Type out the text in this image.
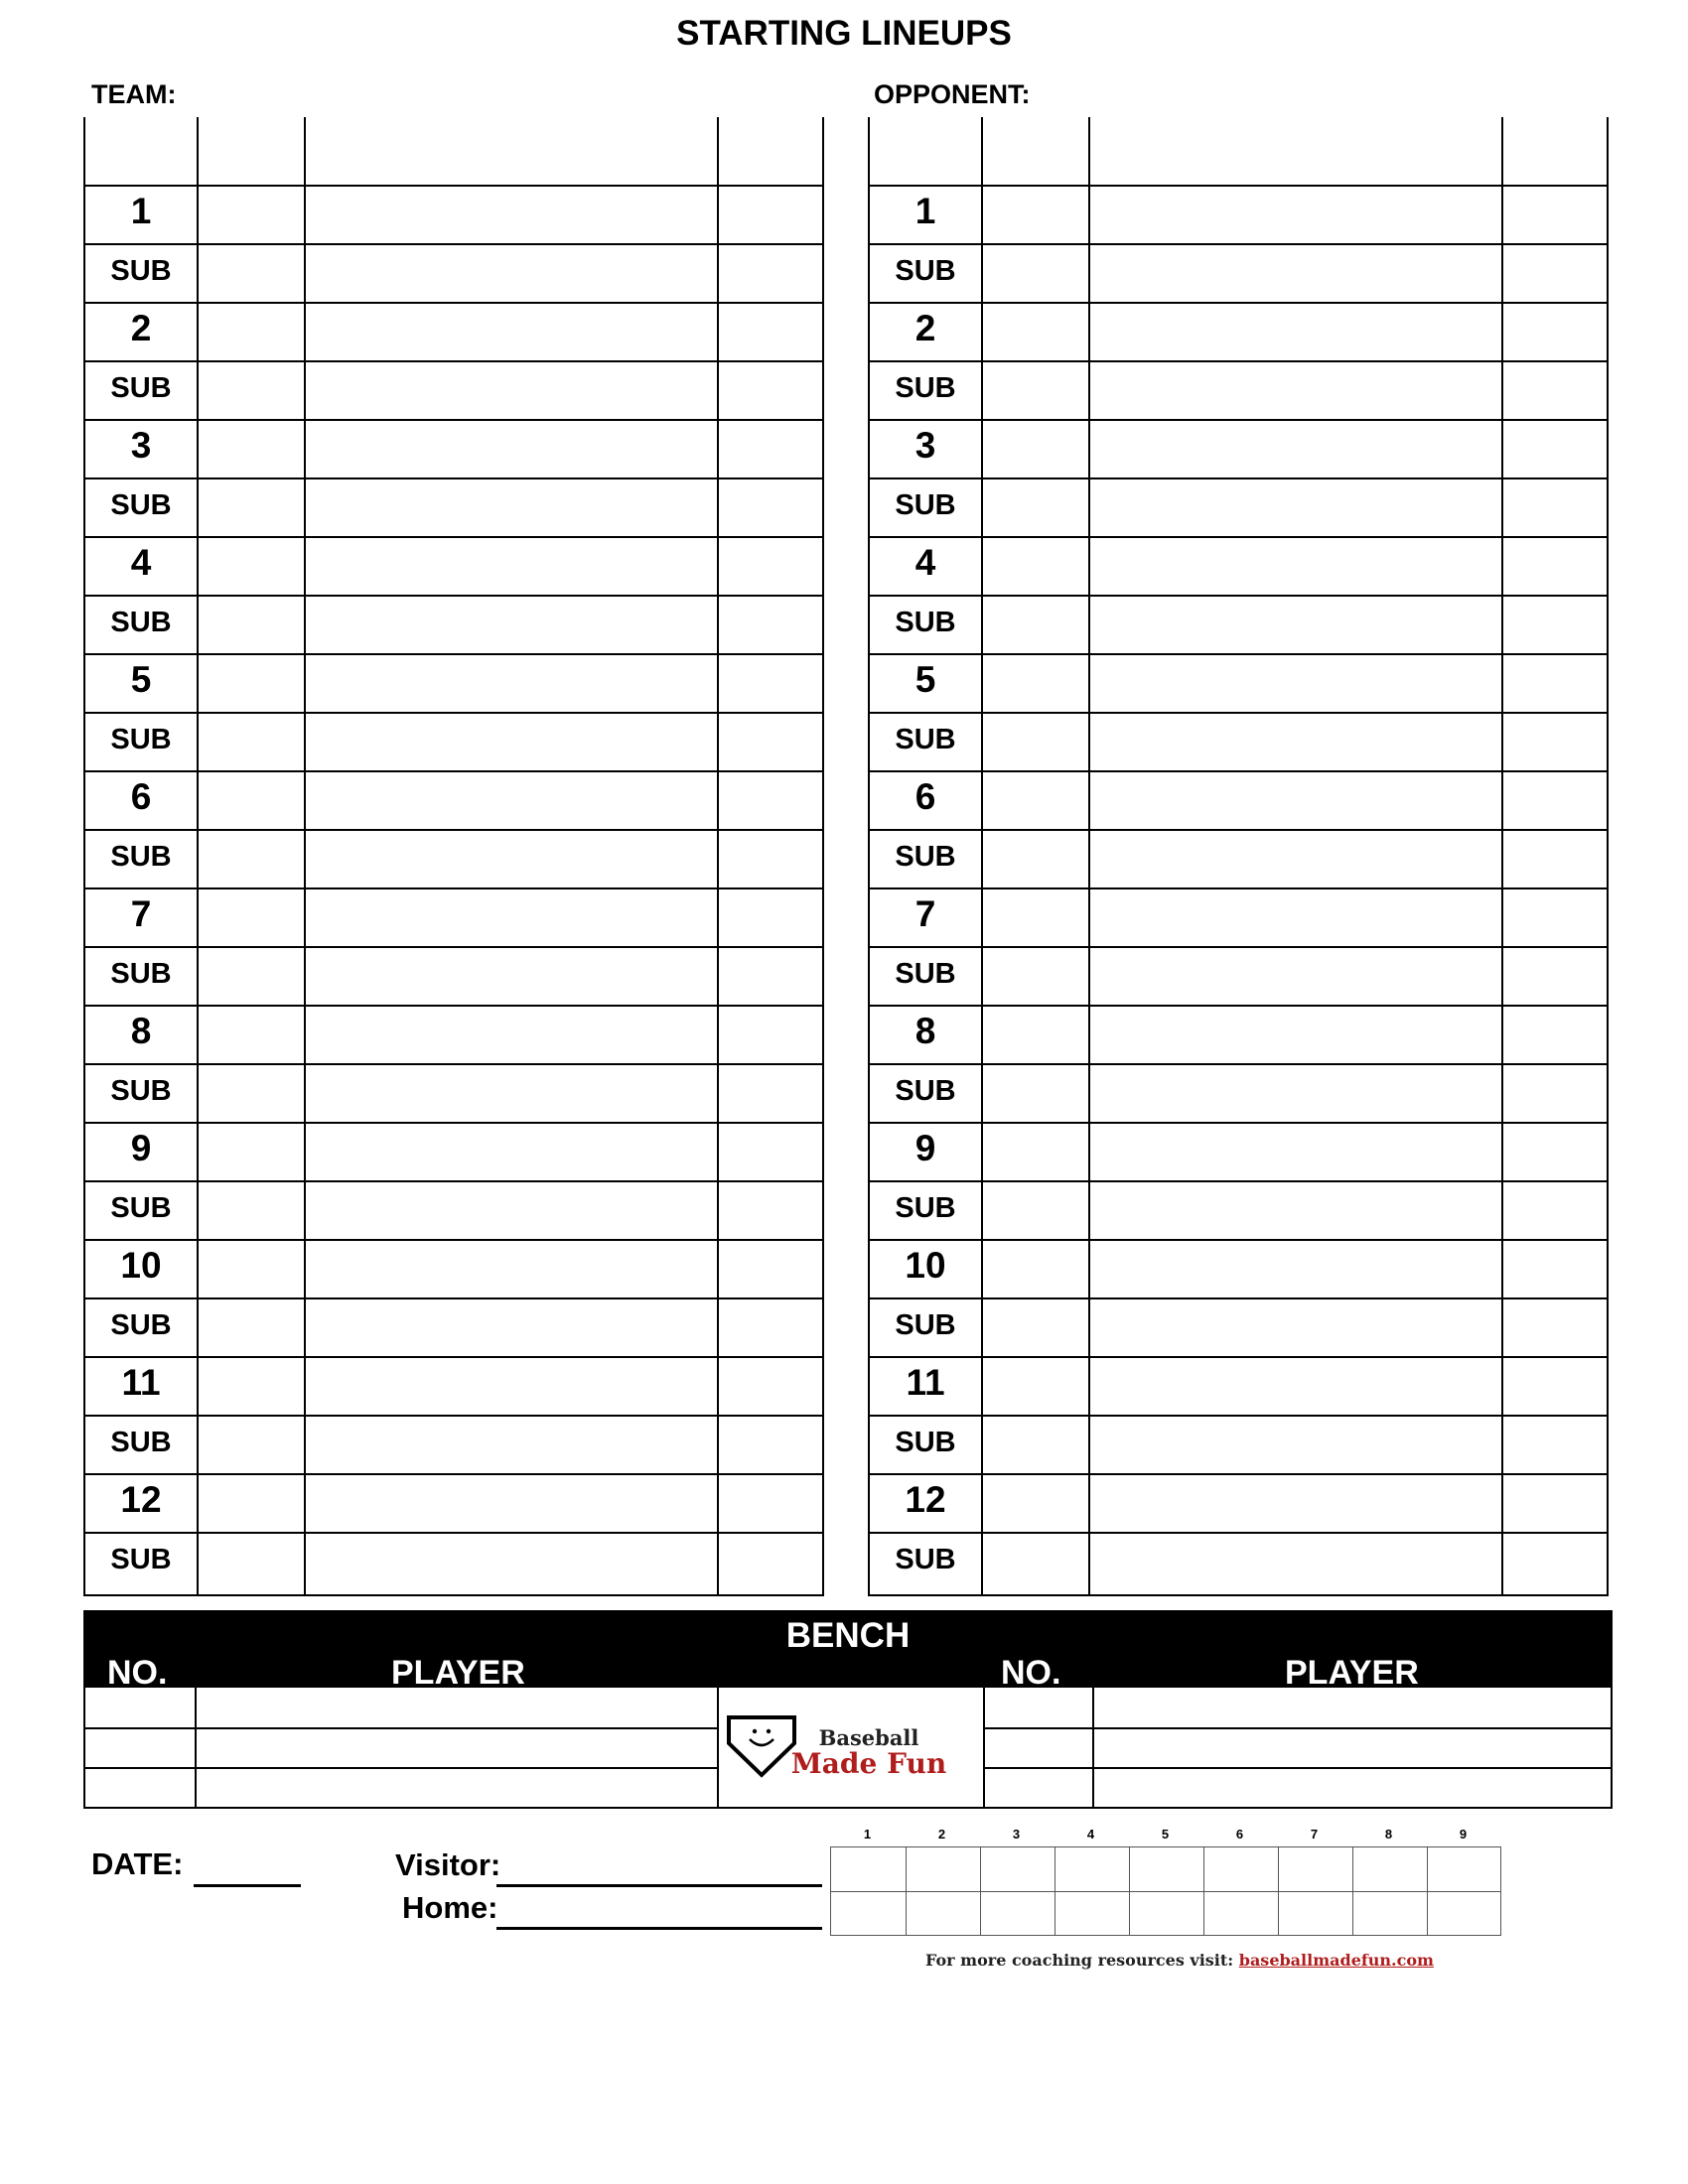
STARTING LINEUPS
TEAM:	OPPONENT:
1
SUB
2
SUB
3
SUB
4
SUB
5
SUB
6
SUB
7
SUB
8
SUB
9
SUB
10
SUB
11
SUB
12
SUB
1
SUB
2
SUB
3
SUB
4
SUB
5
SUB
6
SUB
7
SUB
8
SUB
9
SUB
10
SUB
11
SUB
12
SUB
BENCH
NO.	PLAYER	NO.	PLAYER
Baseball
Made Fun
DATE:	Visitor:
Home:
1	2	3	4	5	6	7	8	9
For more coaching resources visit: baseballmadefun.com
